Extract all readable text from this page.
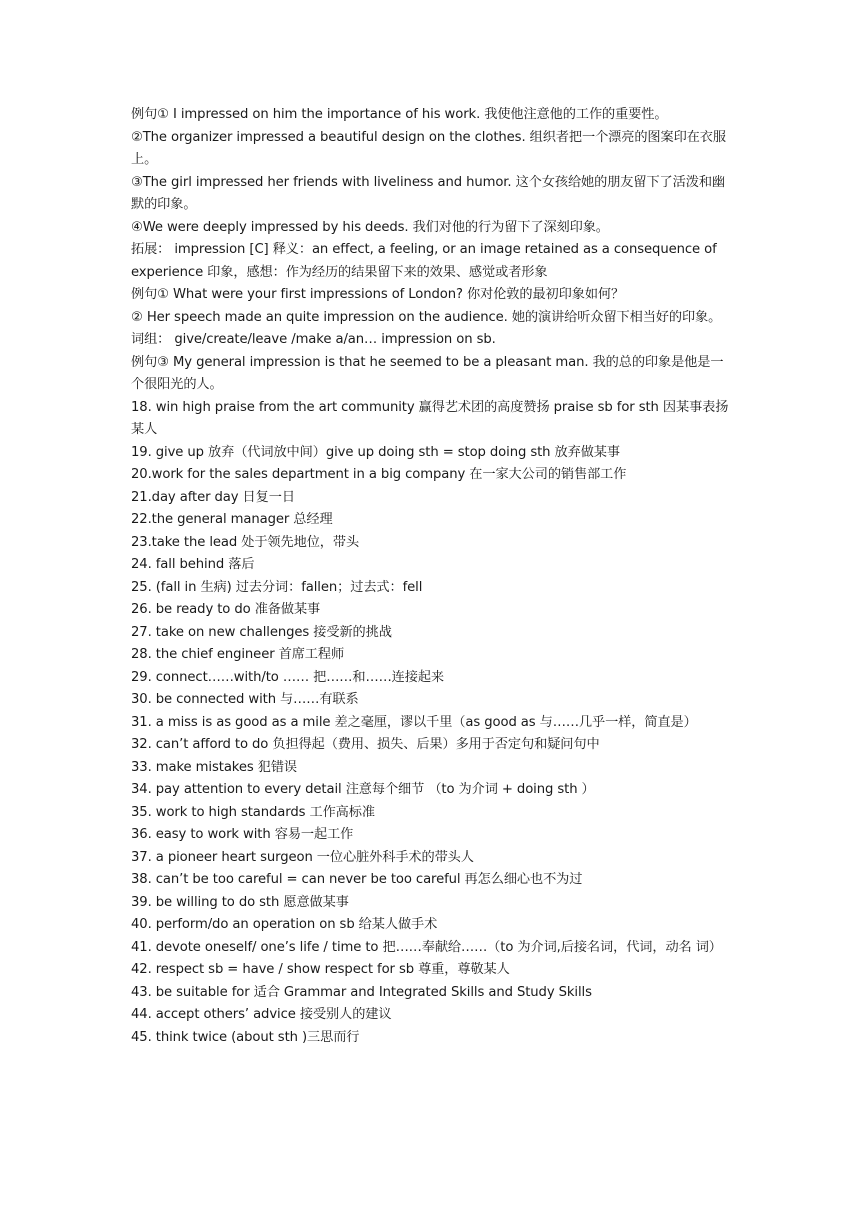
例句① I impressed on him the importance of his work. 我使他注意他的工作的重要性。
②The organizer impressed a beautiful design on the clothes. 组织者把一个漂亮的图案印在衣服上。
③The girl impressed her friends with liveliness and humor. 这个女孩给她的朋友留下了活泼和幽默的印象。
④We were deeply impressed by his deeds. 我们对他的行为留下了深刻印象。
拓展： impression [C] 释义：an effect, a feeling, or an image retained as a consequence of experience 印象，感想：作为经历的结果留下来的效果、感觉或者形象
例句① What were your first impressions of London? 你对伦敦的最初印象如何？
② Her speech made an quite impression on the audience. 她的演讲给听众留下相当好的印象。
词组： give/create/leave /make a/an… impression on sb.
例句③ My general impression is that he seemed to be a pleasant man. 我的总的印象是他是一个很阳光的人。
18. win high praise from the art community 赢得艺术团的高度赞扬 praise sb for sth 因某事表扬某人
19. give up 放弃（代词放中间）give up doing sth = stop doing sth 放弃做某事
20.work for the sales department in a big company 在一家大公司的销售部工作
21.day after day 日复一日
22.the general manager 总经理
23.take the lead 处于领先地位，带头
24. fall behind 落后
25. (fall in 生病) 过去分词：fallen；过去式：fell
26. be ready to do 准备做某事
27. take on new challenges 接受新的挑战
28. the chief engineer 首席工程师
29. connect……with/to …… 把……和……连接起来
30. be connected with 与……有联系
31. a miss is as good as a mile 差之毫厘，谬以千里（as good as 与……几乎一样，简直是）
32. can’t afford to do 负担得起（费用、损失、后果）多用于否定句和疑问句中
33. make mistakes 犯错误
34. pay attention to every detail 注意每个细节 （to 为介词 + doing sth ）
35. work to high standards 工作高标准
36. easy to work with 容易一起工作
37. a pioneer heart surgeon 一位心脏外科手术的带头人
38. can’t be too careful = can never be too careful 再怎么细心也不为过
39. be willing to do sth 愿意做某事
40. perform/do an operation on sb 给某人做手术
41. devote oneself/ one’s life / time to 把……奉献给……（to 为介词,后接名词，代词，动名 词）
42. respect sb = have / show respect for sb 尊重，尊敬某人
43. be suitable for 适合 Grammar and Integrated Skills and Study Skills
44. accept others’ advice 接受别人的建议
45. think twice (about sth )三思而行
